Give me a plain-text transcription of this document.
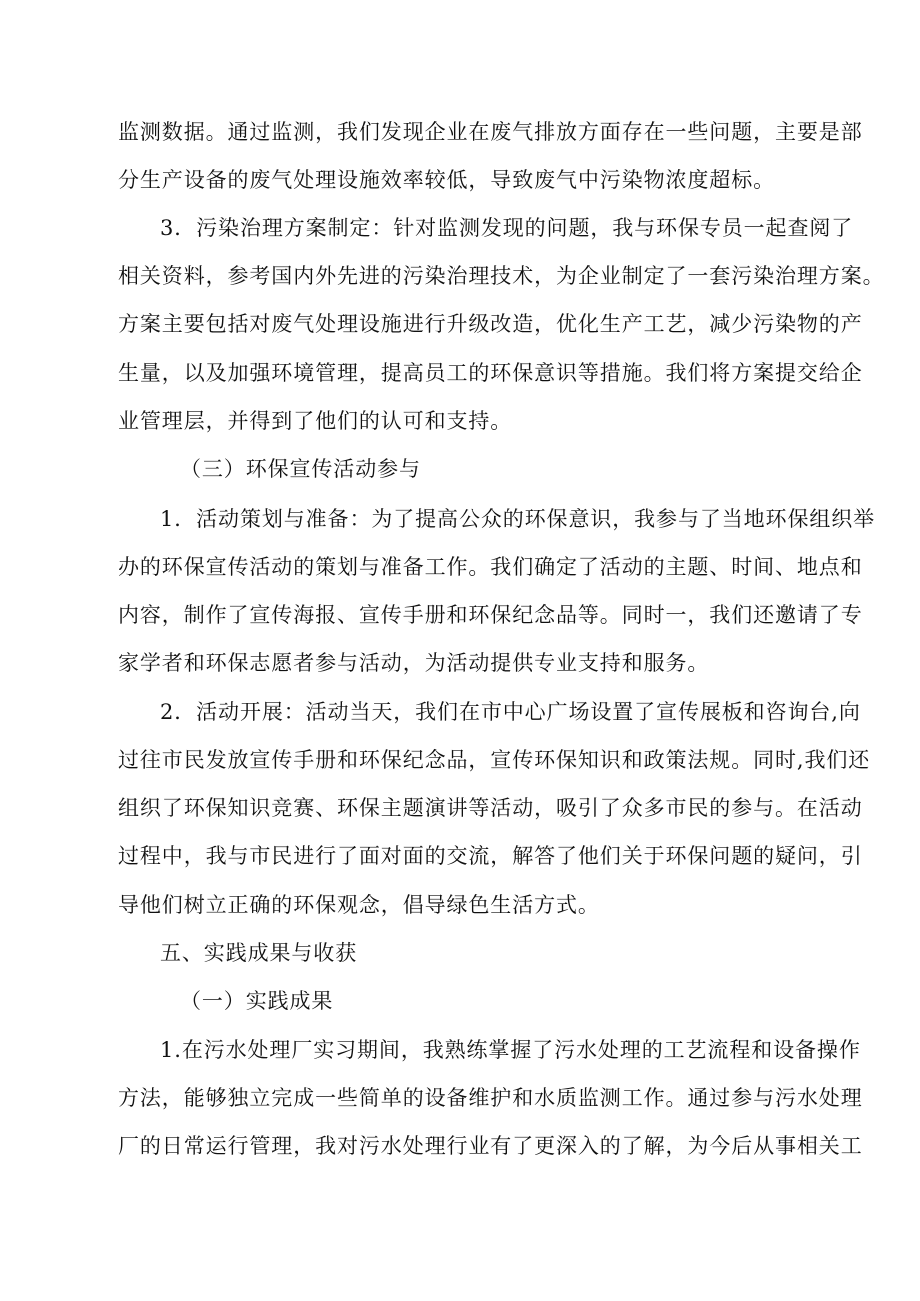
监测数据。通过监测，我们发现企业在废气排放方面存在一些问题，主要是部
分生产设备的废气处理设施效率较低，导致废气中污染物浓度超标。
3．污染治理方案制定：针对监测发现的问题，我与环保专员一起查阅了
相关资料，参考国内外先进的污染治理技术，为企业制定了一套污染治理方案。
方案主要包括对废气处理设施进行升级改造，优化生产工艺，减少污染物的产
生量，以及加强环境管理，提高员工的环保意识等措施。我们将方案提交给企
业管理层，并得到了他们的认可和支持。
（三）环保宣传活动参与
1．活动策划与准备：为了提高公众的环保意识，我参与了当地环保组织举
办的环保宣传活动的策划与准备工作。我们确定了活动的主题、时间、地点和
内容，制作了宣传海报、宣传手册和环保纪念品等。同时一，我们还邀请了专
家学者和环保志愿者参与活动，为活动提供专业支持和服务。
2．活动开展：活动当天，我们在市中心广场设置了宣传展板和咨询台,向
过往市民发放宣传手册和环保纪念品，宣传环保知识和政策法规。同时,我们还
组织了环保知识竞赛、环保主题演讲等活动，吸引了众多市民的参与。在活动
过程中，我与市民进行了面对面的交流，解答了他们关于环保问题的疑问，引
导他们树立正确的环保观念，倡导绿色生活方式。
五、实践成果与收获
（一）实践成果
1.在污水处理厂实习期间，我熟练掌握了污水处理的工艺流程和设备操作
方法，能够独立完成一些简单的设备维护和水质监测工作。通过参与污水处理
厂的日常运行管理，我对污水处理行业有了更深入的了解，为今后从事相关工
